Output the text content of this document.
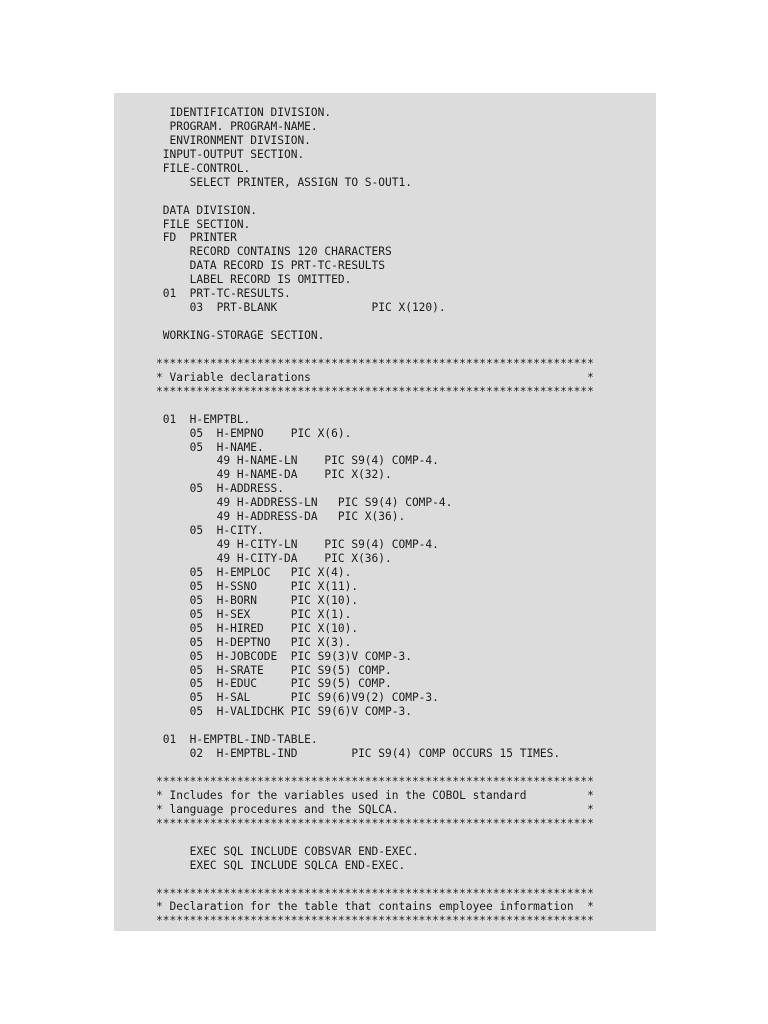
IDENTIFICATION DIVISION.
PROGRAM. PROGRAM-NAME.
ENVIRONMENT DIVISION.
INPUT-OUTPUT SECTION.
FILE-CONTROL.
SELECT PRINTER, ASSIGN TO S-OUT1.
DATA DIVISION.
FILE SECTION.
FD  PRINTER
RECORD CONTAINS 120 CHARACTERS
DATA RECORD IS PRT-TC-RESULTS
LABEL RECORD IS OMITTED.
01  PRT-TC-RESULTS.
03  PRT-BLANK              PIC X(120).
WORKING-STORAGE SECTION.
*****************************************************************
* Variable declarations                                         *
*****************************************************************
01  H-EMPTBL.
05  H-EMPNO    PIC X(6).
05  H-NAME.
49 H-NAME-LN    PIC S9(4) COMP-4.
49 H-NAME-DA    PIC X(32).
05  H-ADDRESS.
49 H-ADDRESS-LN   PIC S9(4) COMP-4.
49 H-ADDRESS-DA   PIC X(36).
05  H-CITY.
49 H-CITY-LN    PIC S9(4) COMP-4.
49 H-CITY-DA    PIC X(36).
05  H-EMPLOC   PIC X(4).
05  H-SSNO     PIC X(11).
05  H-BORN     PIC X(10).
05  H-SEX      PIC X(1).
05  H-HIRED    PIC X(10).
05  H-DEPTNO   PIC X(3).
05  H-JOBCODE  PIC S9(3)V COMP-3.
05  H-SRATE    PIC S9(5) COMP.
05  H-EDUC     PIC S9(5) COMP.
05  H-SAL      PIC S9(6)V9(2) COMP-3.
05  H-VALIDCHK PIC S9(6)V COMP-3.
01  H-EMPTBL-IND-TABLE.
02  H-EMPTBL-IND        PIC S9(4) COMP OCCURS 15 TIMES.
*****************************************************************
* Includes for the variables used in the COBOL standard         *
* language procedures and the SQLCA.                            *
*****************************************************************
EXEC SQL INCLUDE COBSVAR END-EXEC.
EXEC SQL INCLUDE SQLCA END-EXEC.
*****************************************************************
* Declaration for the table that contains employee information  *
*****************************************************************
